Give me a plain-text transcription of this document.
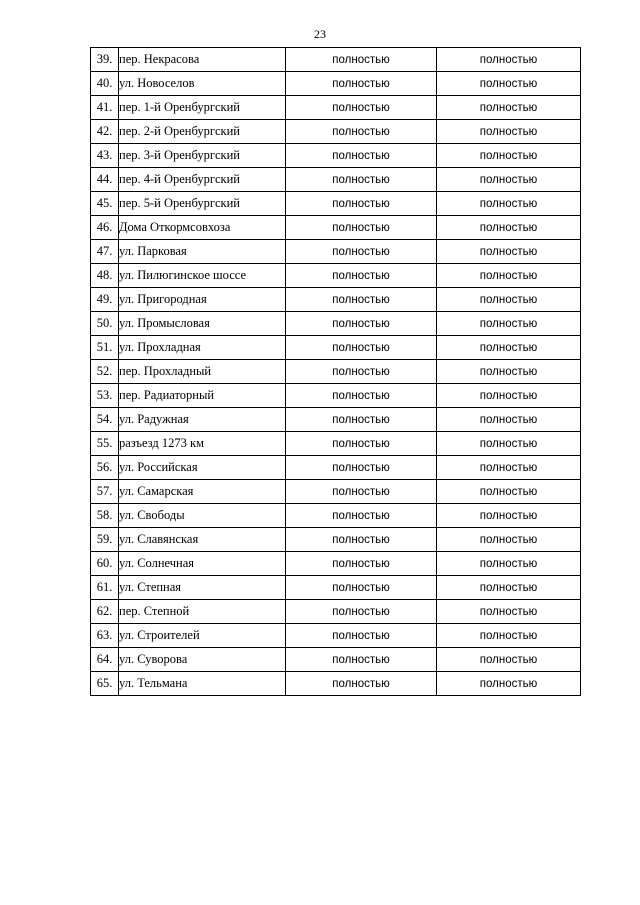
23
39.	пер. Некрасова	полностью	полностью
40.	ул. Новоселов	полностью	полностью
41.	пер. 1-й Оренбургский	полностью	полностью
42.	пер. 2-й Оренбургский	полностью	полностью
43.	пер. 3-й Оренбургский	полностью	полностью
44.	пер. 4-й Оренбургский	полностью	полностью
45.	пер. 5-й Оренбургский	полностью	полностью
46.	Дома Откормсовхоза	полностью	полностью
47.	ул. Парковая	полностью	полностью
48.	ул. Пилюгинское шоссе	полностью	полностью
49.	ул. Пригородная	полностью	полностью
50.	ул. Промысловая	полностью	полностью
51.	ул. Прохладная	полностью	полностью
52.	пер. Прохладный	полностью	полностью
53.	пер. Радиаторный	полностью	полностью
54.	ул. Радужная	полностью	полностью
55.	разъезд 1273 км	полностью	полностью
56.	ул. Российская	полностью	полностью
57.	ул. Самарская	полностью	полностью
58.	ул. Свободы	полностью	полностью
59.	ул. Славянская	полностью	полностью
60.	ул. Солнечная	полностью	полностью
61.	ул. Степная	полностью	полностью
62.	пер. Степной	полностью	полностью
63.	ул. Строителей	полностью	полностью
64.	ул. Суворова	полностью	полностью
65.	ул. Тельмана	полностью	полностью
